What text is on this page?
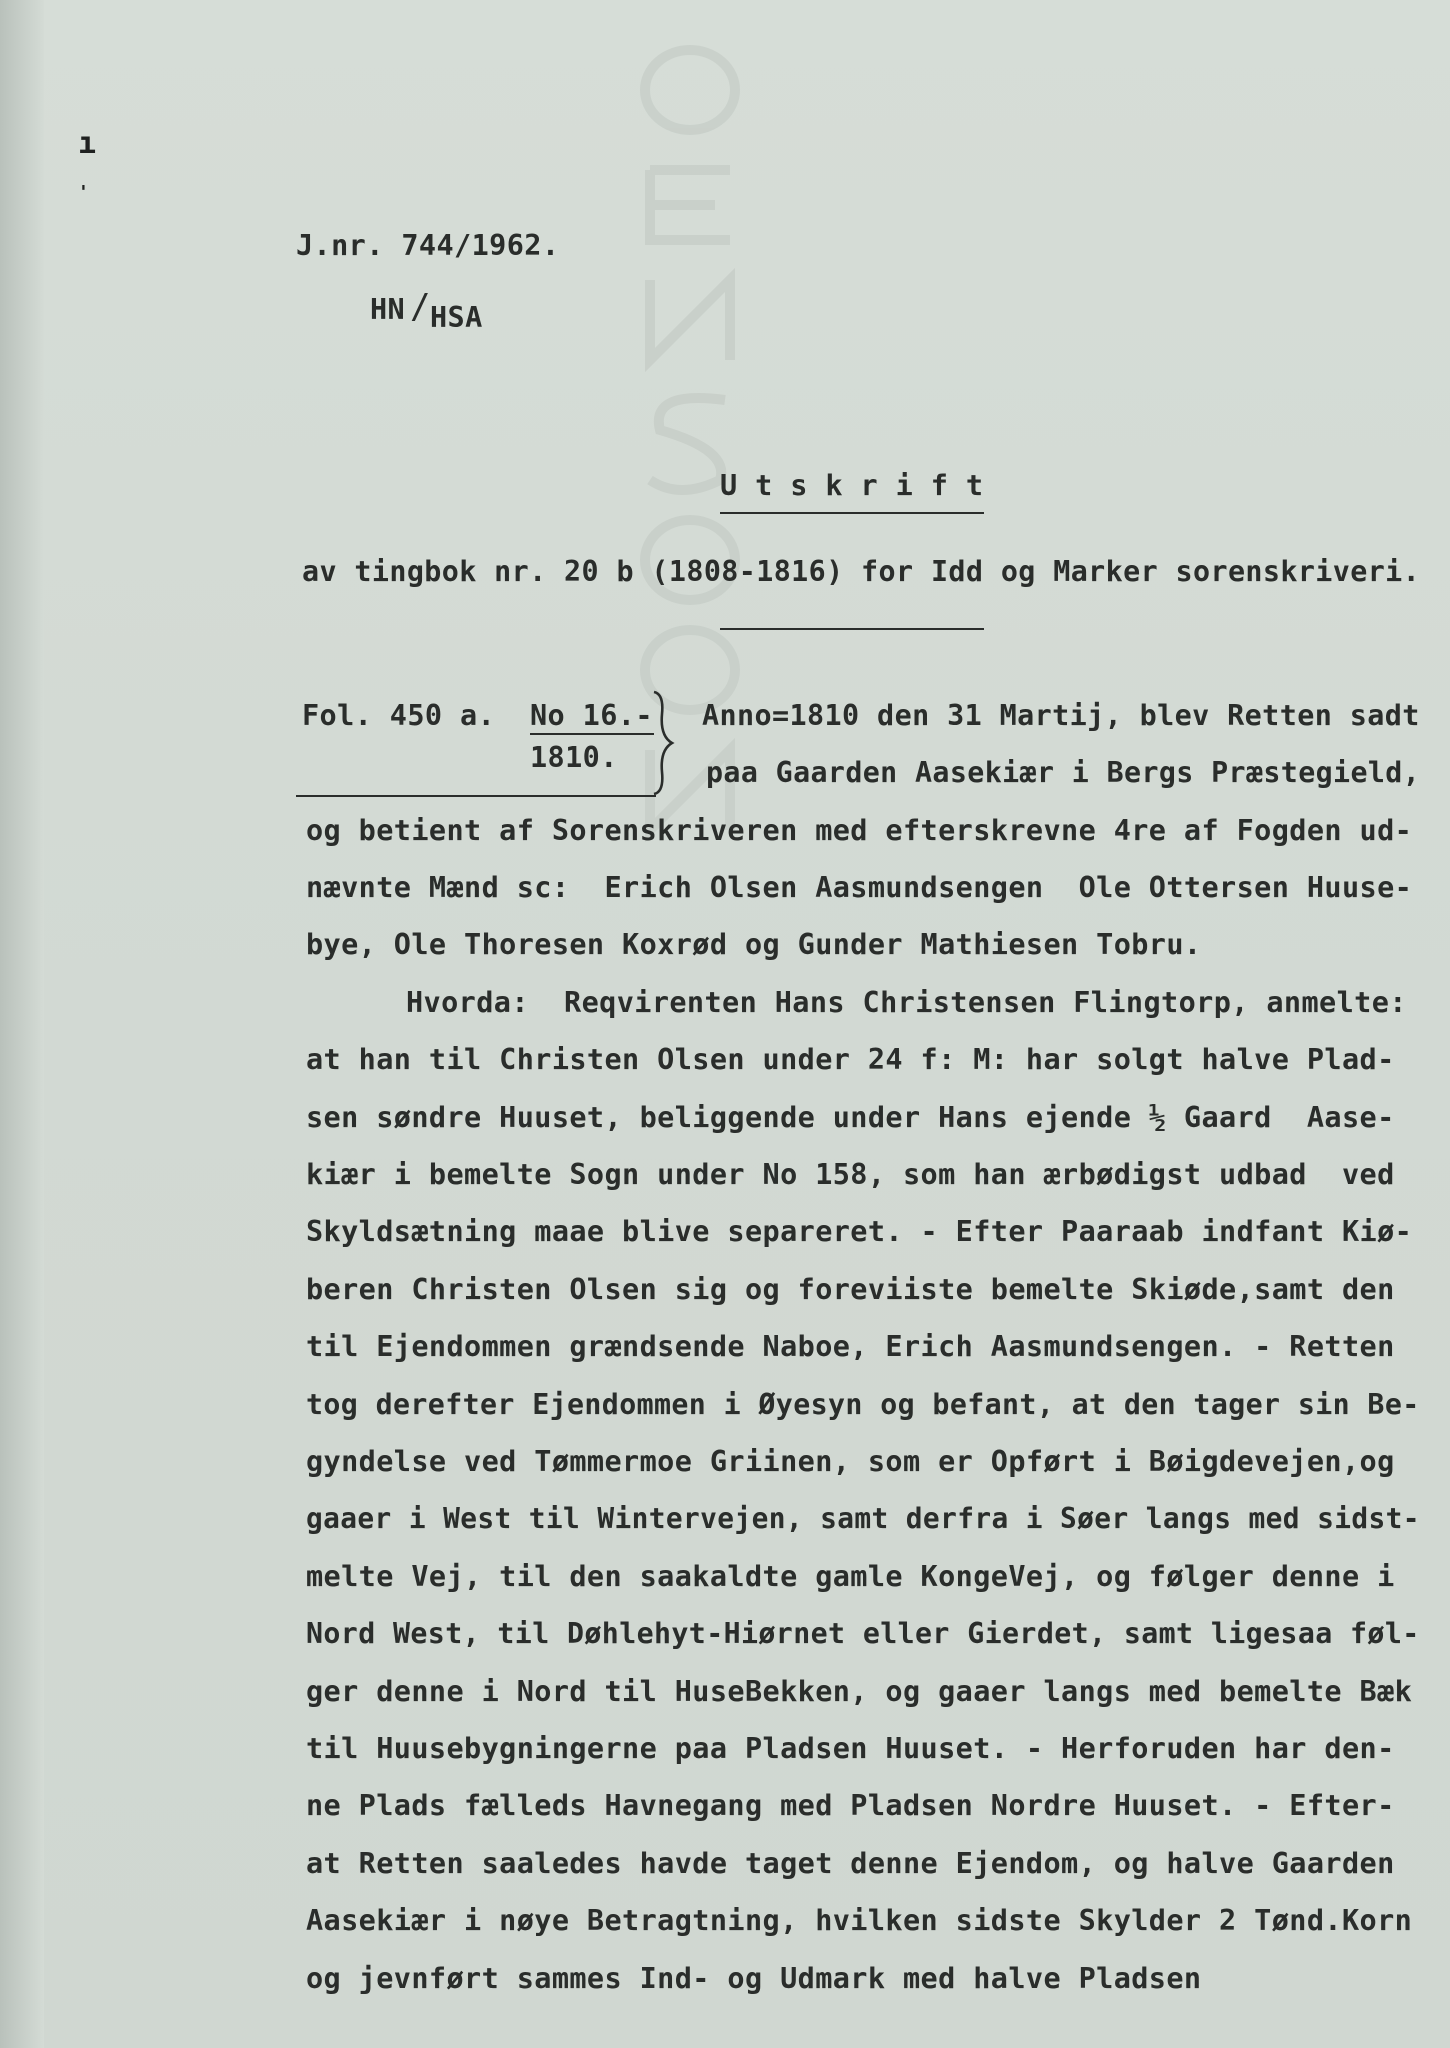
ı
'
J.nr. 744/1962.
HN / HSA
U t s k r i f t
av tingbok nr. 20 b (1808-1816) for Idd og Marker sorenskriveri.
Fol. 450 a. No 16.-
1810.
Anno=1810 den 31 Martij, blev Retten sadt
paa Gaarden Aasekiær i Bergs Præstegield,
og betient af Sorenskriveren med efterskrevne 4re af Fogden ud-
nævnte Mænd sc:  Erich Olsen Aasmundsengen  Ole Ottersen Huuse-
bye, Ole Thoresen Koxrød og Gunder Mathiesen Tobru.
Hvorda:  Reqvirenten Hans Christensen Flingtorp, anmelte:
at han til Christen Olsen under 24 f: M: har solgt halve Plad-
sen søndre Huuset, beliggende under Hans ejende ½ Gaard  Aase-
kiær i bemelte Sogn under No 158, som han ærbødigst udbad  ved
Skyldsætning maae blive separeret. - Efter Paaraab indfant Kiø-
beren Christen Olsen sig og foreviiste bemelte Skiøde,samt den
til Ejendommen grændsende Naboe, Erich Aasmundsengen. - Retten
tog derefter Ejendommen i Øyesyn og befant, at den tager sin Be-
gyndelse ved Tømmermoe Griinen, som er Opført i Bøigdevejen,og
gaaer i West til Wintervejen, samt derfra i Søer langs med sidst-
melte Vej, til den saakaldte gamle KongeVej, og følger denne i
Nord West, til Døhlehyt-Hiørnet eller Gierdet, samt ligesaa føl-
ger denne i Nord til HuseBekken, og gaaer langs med bemelte Bæk
til Huusebygningerne paa Pladsen Huuset. - Herforuden har den-
ne Plads fælleds Havnegang med Pladsen Nordre Huuset. - Efter-
at Retten saaledes havde taget denne Ejendom, og halve Gaarden
Aasekiær i nøye Betragtning, hvilken sidste Skylder 2 Tønd.Korn
og jevnført sammes Ind- og Udmark med halve Pladsen
